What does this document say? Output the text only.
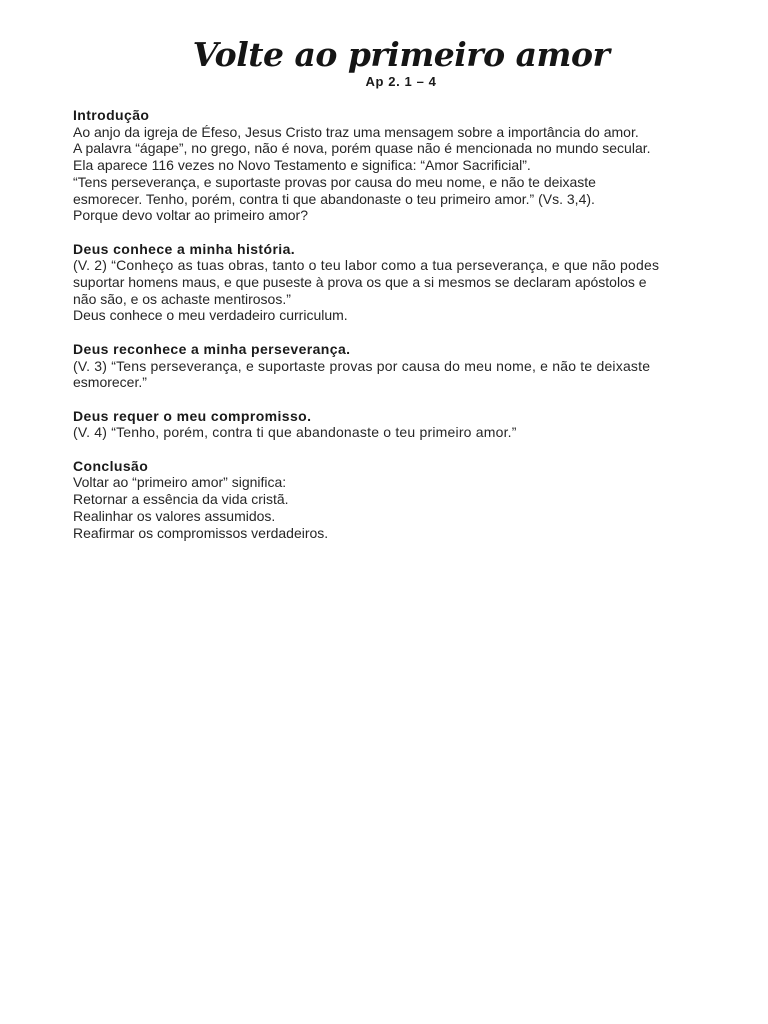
Volte ao primeiro amor
Ap 2. 1 – 4
Introdução
Ao anjo da igreja de Éfeso, Jesus Cristo traz uma mensagem sobre a importância do amor.
A palavra “ágape”, no grego, não é nova, porém quase não é mencionada no mundo secular.
Ela aparece 116 vezes no Novo Testamento e significa: “Amor Sacrificial”.
“Tens perseverança, e suportaste provas por causa do meu nome, e não te deixaste
esmorecer. Tenho, porém, contra ti que abandonaste o teu primeiro amor.” (Vs. 3,4).
Porque devo voltar ao primeiro amor?
Deus conhece a minha história.
(V. 2) “Conheço as tuas obras, tanto o teu labor como a tua perseverança, e que não podes
suportar homens maus, e que puseste à prova os que a si mesmos se declaram apóstolos e
não são, e os achaste mentirosos.”
Deus conhece o meu verdadeiro curriculum.
Deus reconhece a minha perseverança.
(V. 3) “Tens perseverança, e suportaste provas por causa do meu nome, e não te deixaste
esmorecer.”
Deus requer o meu compromisso.
(V. 4) “Tenho, porém, contra ti que abandonaste o teu primeiro amor.”
Conclusão
Voltar ao “primeiro amor” significa:
Retornar a essência da vida cristã.
Realinhar os valores assumidos.
Reafirmar os compromissos verdadeiros.
